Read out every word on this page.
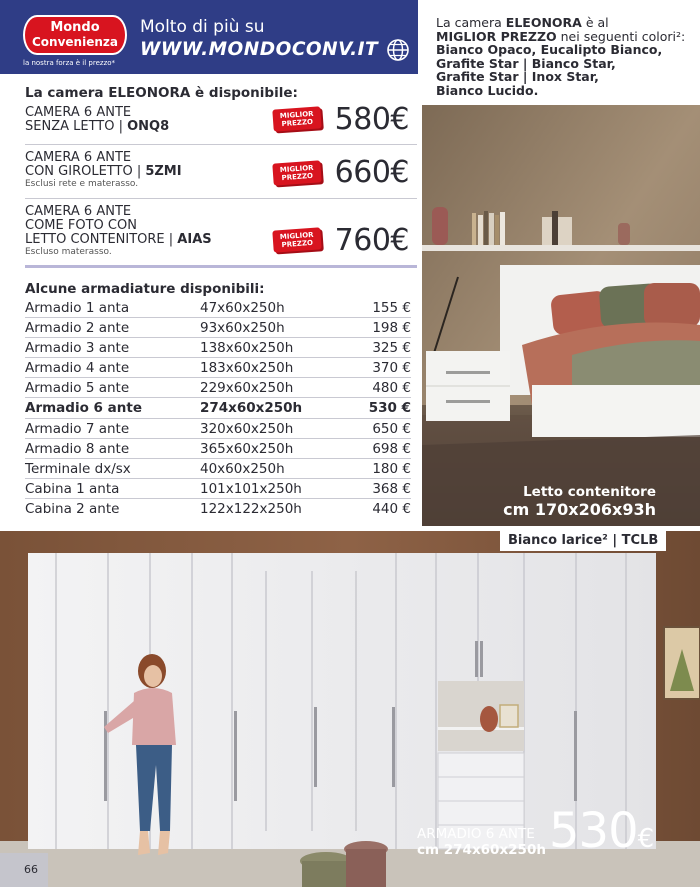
Mondo
Convenienza
la nostra forza è il prezzo*
Molto di più su
WWW.MONDOCONV.IT
La camera ELEONORA è disponibile:
CAMERA 6 ANTE
SENZA LETTO | ONQ8
MIGLIOR PREZZO 580€
CAMERA 6 ANTE
CON GIROLETTO | 5ZMI
Esclusi rete e materasso.
MIGLIOR PREZZO 660€
CAMERA 6 ANTE
COME FOTO CON
LETTO CONTENITORE | AIAS
Escluso materasso.
MIGLIOR PREZZO 760€
Alcune armadiature disponibili:
Armadio 1 anta	47x60x250h	155 €
Armadio 2 ante	93x60x250h	198 €
Armadio 3 ante	138x60x250h	325 €
Armadio 4 ante	183x60x250h	370 €
Armadio 5 ante	229x60x250h	480 €
Armadio 6 ante	274x60x250h	530 €
Armadio 7 ante	320x60x250h	650 €
Armadio 8 ante	365x60x250h	698 €
Terminale dx/sx	40x60x250h	180 €
Cabina 1 anta	101x101x250h	368 €
Cabina 2 ante	122x122x250h	440 €
La camera ELEONORA è al
MIGLIOR PREZZO nei seguenti colori²:
Bianco Opaco, Eucalipto Bianco,
Grafite Star | Bianco Star,
Grafite Star | Inox Star,
Bianco Lucido.
Letto contenitore
cm 170x206x93h
Bianco larice² | TCLB
ARMADIO 6 ANTE
cm 274x60x250h 530€
66
